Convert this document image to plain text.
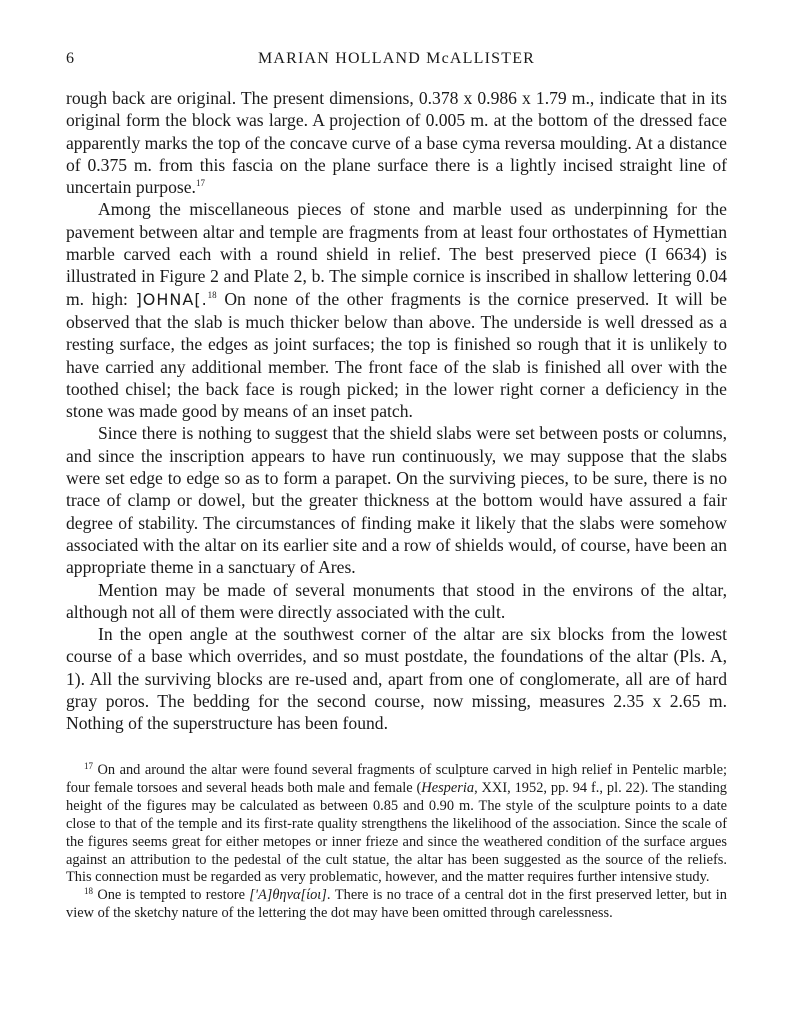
6	MARIAN HOLLAND McALLISTER

rough back are original. The present dimensions, 0.378 x 0.986 x 1.79 m., indicate that in its original form the block was large. A projection of 0.005 m. at the bottom of the dressed face apparently marks the top of the concave curve of a base cyma reversa moulding. At a distance of 0.375 m. from this fascia on the plane surface there is a lightly incised straight line of uncertain purpose.$^{17}$

Among the miscellaneous pieces of stone and marble used as underpinning for the pavement between altar and temple are fragments from at least four orthostates of Hymettian marble carved each with a round shield in relief. The best preserved piece (I 6634) is illustrated in Figure 2 and Plate 2, b. The simple cornice is inscribed in shallow lettering 0.04 m. high: ]OHNA[.$^{18}$ On none of the other fragments is the cornice preserved. It will be observed that the slab is much thicker below than above. The underside is well dressed as a resting surface, the edges as joint surfaces; the top is finished so rough that it is unlikely to have carried any additional member. The front face of the slab is finished all over with the toothed chisel; the back face is rough picked; in the lower right corner a deficiency in the stone was made good by means of an inset patch.

Since there is nothing to suggest that the shield slabs were set between posts or columns, and since the inscription appears to have run continuously, we may suppose that the slabs were set edge to edge so as to form a parapet. On the surviving pieces, to be sure, there is no trace of clamp or dowel, but the greater thickness at the bottom would have assured a fair degree of stability. The circumstances of finding make it likely that the slabs were somehow associated with the altar on its earlier site and a row of shields would, of course, have been an appropriate theme in a sanctuary of Ares.

Mention may be made of several monuments that stood in the environs of the altar, although not all of them were directly associated with the cult.

In the open angle at the southwest corner of the altar are six blocks from the lowest course of a base which overrides, and so must postdate, the foundations of the altar (Pls. A, 1). All the surviving blocks are re-used and, apart from one of conglomerate, all are of hard gray poros. The bedding for the second course, now missing, measures 2.35 x 2.65 m. Nothing of the superstructure has been found.

$^{17}$ On and around the altar were found several fragments of sculpture carved in high relief in Pentelic marble; four female torsoes and several heads both male and female (Hesperia, XXI, 1952, pp. 94 f., pl. 22). The standing height of the figures may be calculated as between 0.85 and 0.90 m. The style of the sculpture points to a date close to that of the temple and its first-rate quality strengthens the likelihood of the association. Since the scale of the figures seems great for either metopes or inner frieze and since the weathered condition of the surface argues against an attribution to the pedestal of the cult statue, the altar has been suggested as the source of the reliefs. This connection must be regarded as very problematic, however, and the matter requires further intensive study.

$^{18}$ One is tempted to restore ['A]θηνα[ίοι]. There is no trace of a central dot in the first preserved letter, but in view of the sketchy nature of the lettering the dot may have been omitted through carelessness.
